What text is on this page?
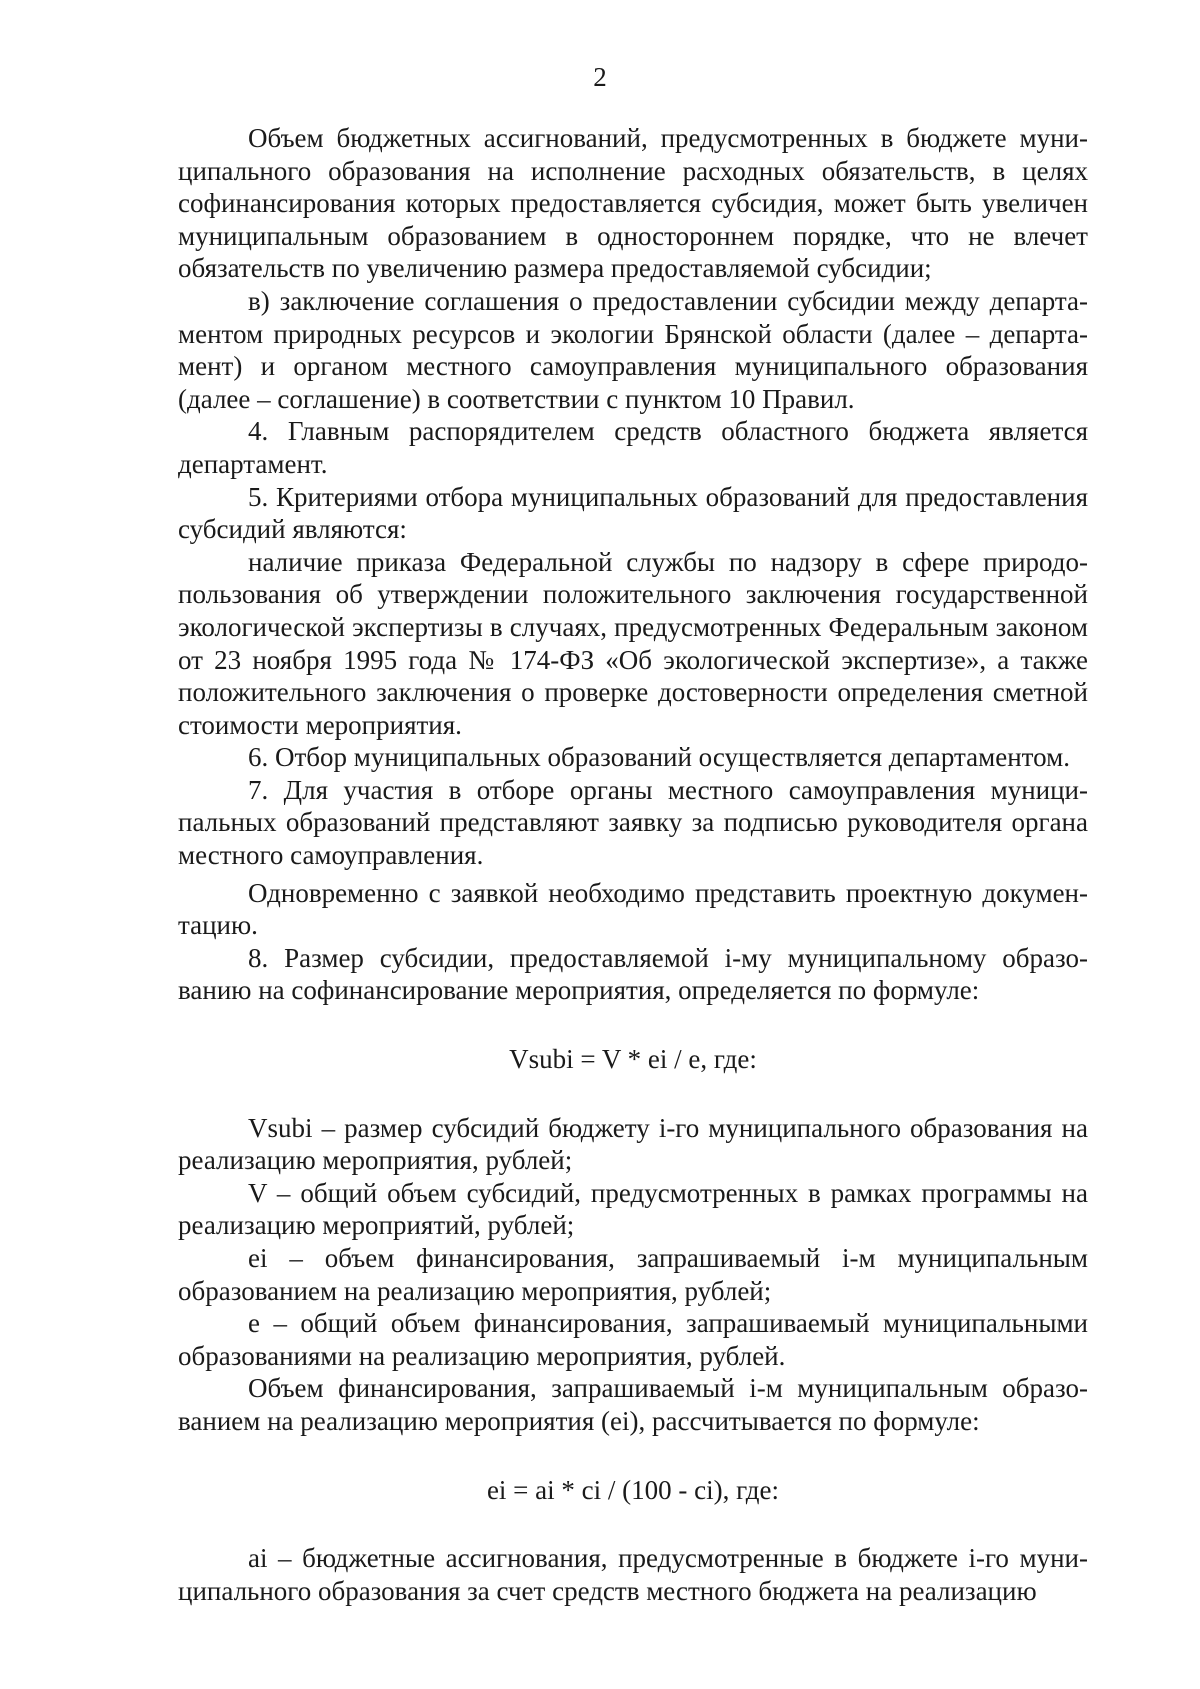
2

Объем бюджетных ассигнований, предусмотренных в бюджете муниципального образования на исполнение расходных обязательств, в целях софинансирования которых предоставляется субсидия, может быть увеличен муниципальным образованием в одностороннем порядке, что не влечет обязательств по увеличению размера предоставляемой субсидии;

в) заключение соглашения о предоставлении субсидии между департаментом природных ресурсов и экологии Брянской области (далее – департамент) и органом местного самоуправления муниципального образования (далее – соглашение) в соответствии с пунктом 10 Правил.

4. Главным распорядителем средств областного бюджета является департамент.

5. Критериями отбора муниципальных образований для предоставления субсидий являются:

наличие приказа Федеральной службы по надзору в сфере природопользования об утверждении положительного заключения государственной экологической экспертизы в случаях, предусмотренных Федеральным законом от 23 ноября 1995 года № 174-ФЗ «Об экологической экспертизе», а также положительного заключения о проверке достоверности определения сметной стоимости мероприятия.

6. Отбор муниципальных образований осуществляется департаментом.

7. Для участия в отборе органы местного самоуправления муниципальных образований представляют заявку за подписью руководителя органа местного самоуправления.

Одновременно с заявкой необходимо представить проектную документацию.

8. Размер субсидии, предоставляемой i-му муниципальному образованию на софинансирование мероприятия, определяется по формуле:

Vsubi = V * ei / e, где:

Vsubi – размер субсидий бюджету i-го муниципального образования на реализацию мероприятия, рублей;

V – общий объем субсидий, предусмотренных в рамках программы на реализацию мероприятий, рублей;

ei – объем финансирования, запрашиваемый i-м муниципальным образованием на реализацию мероприятия, рублей;

e – общий объем финансирования, запрашиваемый муниципальными образованиями на реализацию мероприятия, рублей.

Объем финансирования, запрашиваемый i-м муниципальным образованием на реализацию мероприятия (ei), рассчитывается по формуле:

ei = ai * ci / (100 - ci), где:

ai – бюджетные ассигнования, предусмотренные в бюджете i-го муниципального образования за счет средств местного бюджета на реализацию
